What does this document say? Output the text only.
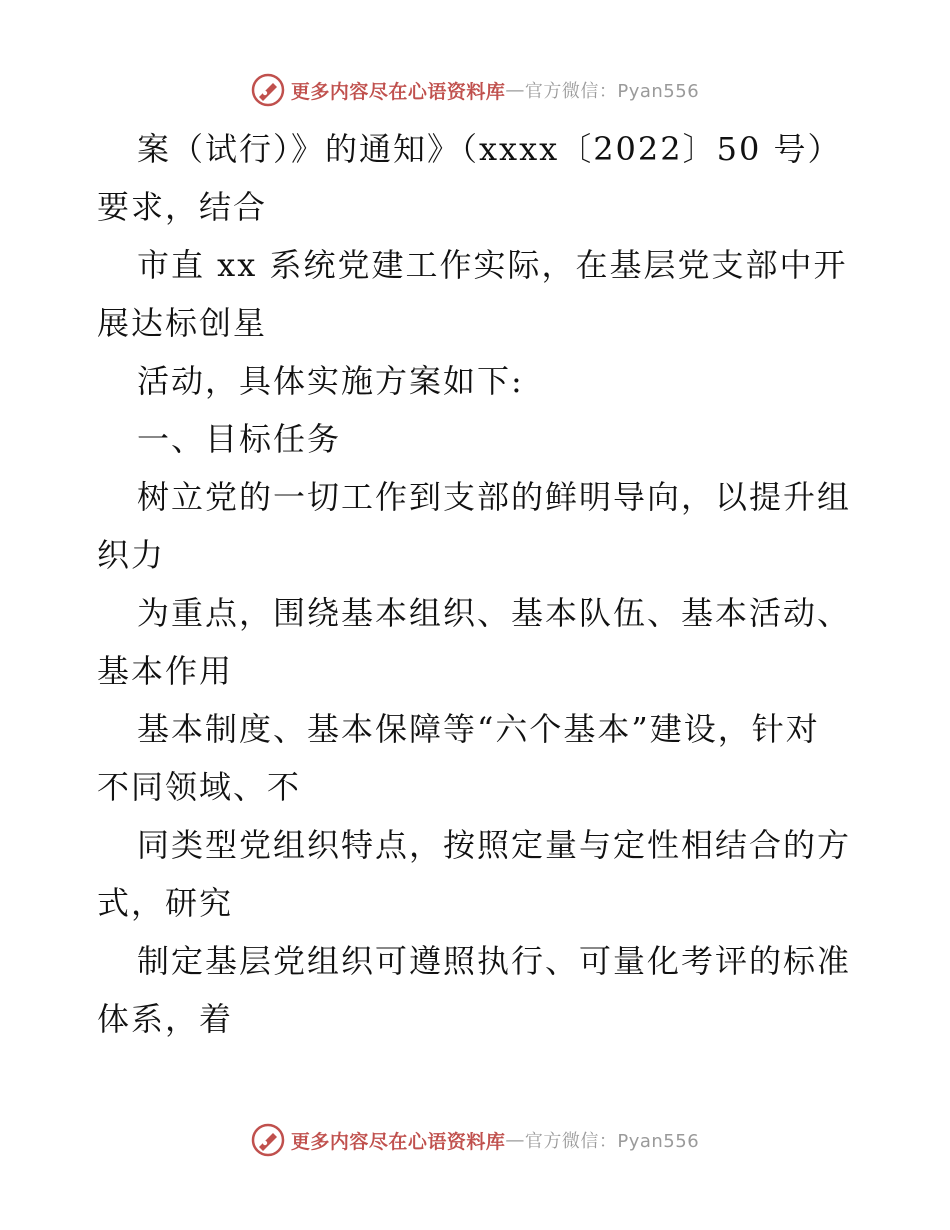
更多内容尽在心语资料库 — 官方微信：Pyan556
案（试行）》的通知》（xxxx〔2022〕50 号）
要求，结合
市直 xx 系统党建工作实际，在基层党支部中开
展达标创星
活动，具体实施方案如下:
一、目标任务
树立党的一切工作到支部的鲜明导向，以提升组
织力
为重点，围绕基本组织、基本队伍、基本活动、
基本作用
基本制度、基本保障等“六个基本”建设，针对
不同领域、不
同类型党组织特点，按照定量与定性相结合的方
式，研究
制定基层党组织可遵照执行、可量化考评的标准
体系，着
更多内容尽在心语资料库 — 官方微信：Pyan556
